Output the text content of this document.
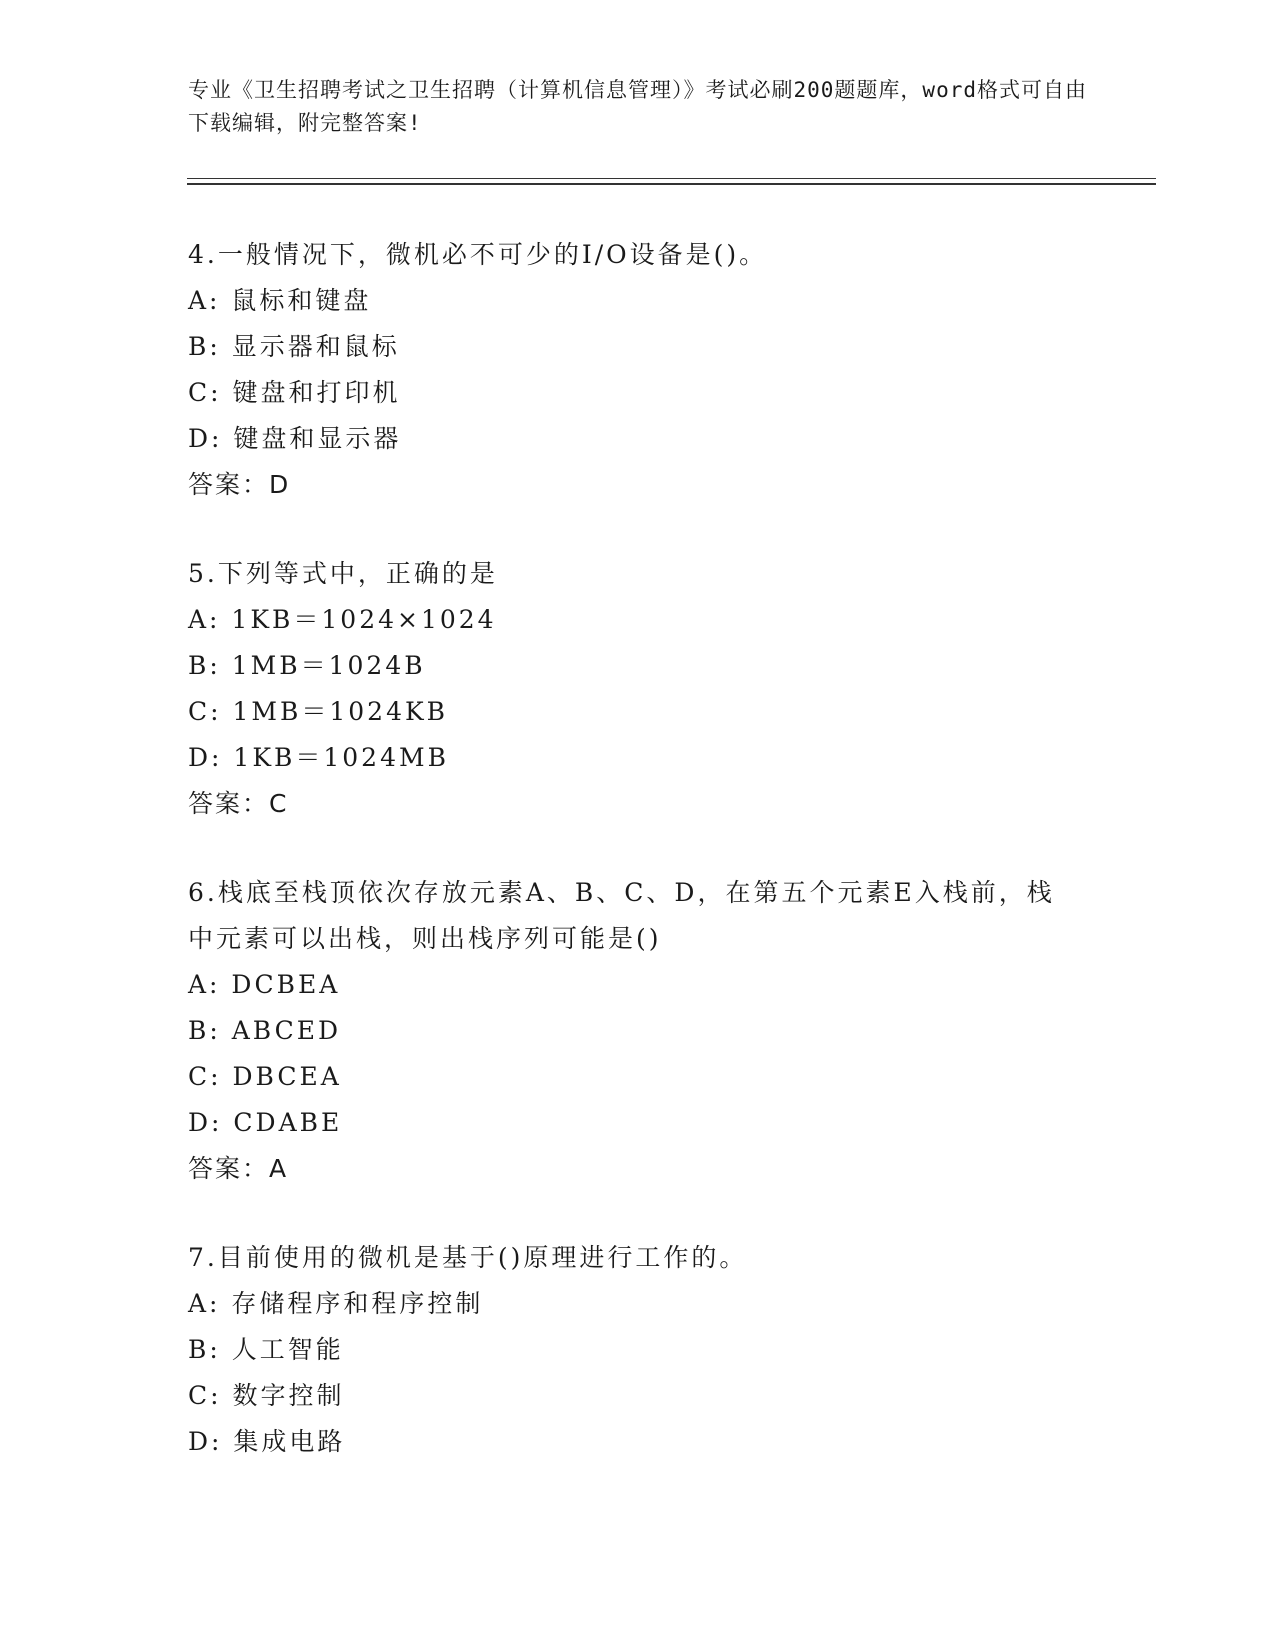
专业《卫生招聘考试之卫生招聘（计算机信息管理）》考试必刷200题题库，word格式可自由下载编辑，附完整答案!

4.一般情况下，微机必不可少的I/O设备是()。

A: 鼠标和键盘

B: 显示器和鼠标

C: 键盘和打印机

D: 键盘和显示器

答案：D

5.下列等式中，正确的是

A: 1KB＝1024×1024

B: 1MB＝1024B

C: 1MB＝1024KB

D: 1KB＝1024MB

答案：C

6.栈底至栈顶依次存放元素A、B、C、D，在第五个元素E入栈前，栈中元素可以出栈，则出栈序列可能是()

A: DCBEA

B: ABCED

C: DBCEA

D: CDABE

答案：A

7.目前使用的微机是基于()原理进行工作的。

A: 存储程序和程序控制

B: 人工智能

C: 数字控制

D: 集成电路
